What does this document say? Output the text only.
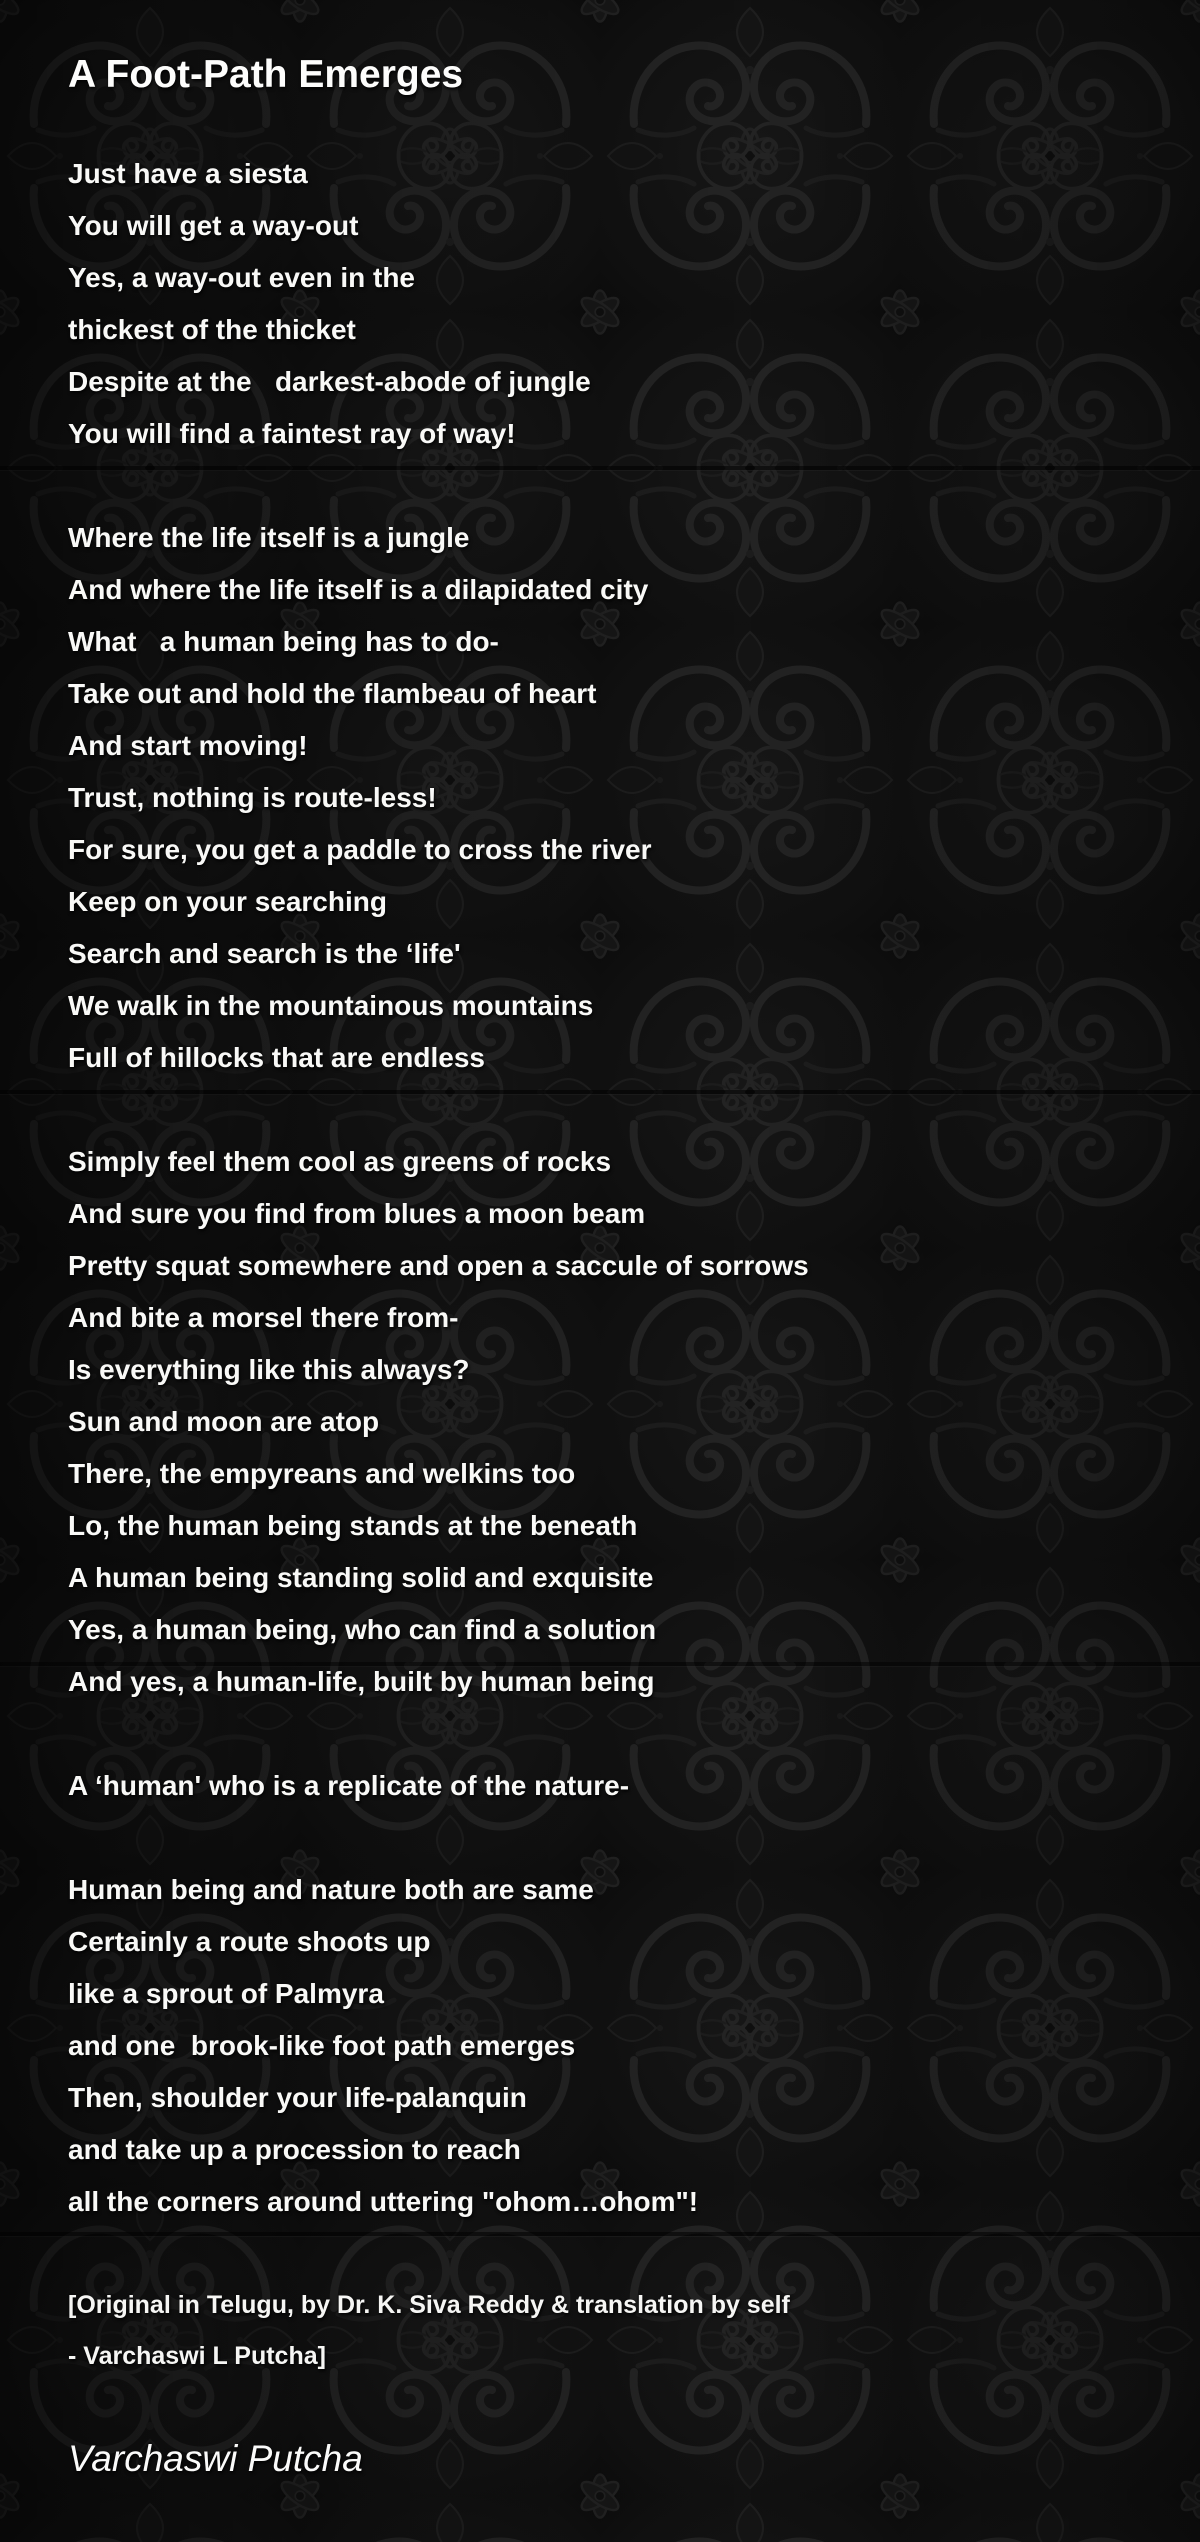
A Foot-Path Emerges
Just have a siesta
You will get a way-out
Yes, a way-out even in the
thickest of the thicket
Despite at the   darkest-abode of jungle
You will find a faintest ray of way!
Where the life itself is a jungle
And where the life itself is a dilapidated city
What   a human being has to do-
Take out and hold the flambeau of heart
And start moving!
Trust, nothing is route-less!
For sure, you get a paddle to cross the river
Keep on your searching
Search and search is the ‘life'
We walk in the mountainous mountains
Full of hillocks that are endless
Simply feel them cool as greens of rocks
And sure you find from blues a moon beam
Pretty squat somewhere and open a saccule of sorrows
And bite a morsel there from-
Is everything like this always?
Sun and moon are atop
There, the empyreans and welkins too
Lo, the human being stands at the beneath
A human being standing solid and exquisite
Yes, a human being, who can find a solution
And yes, a human-life, built by human being
A ‘human' who is a replicate of the nature-
Human being and nature both are same
Certainly a route shoots up
like a sprout of Palmyra
and one  brook-like foot path emerges
Then, shoulder your life-palanquin
and take up a procession to reach
all the corners around uttering "ohom…ohom"!
[Original in Telugu, by Dr. K. Siva Reddy & translation by self
- Varchaswi L Putcha]
Varchaswi Putcha
